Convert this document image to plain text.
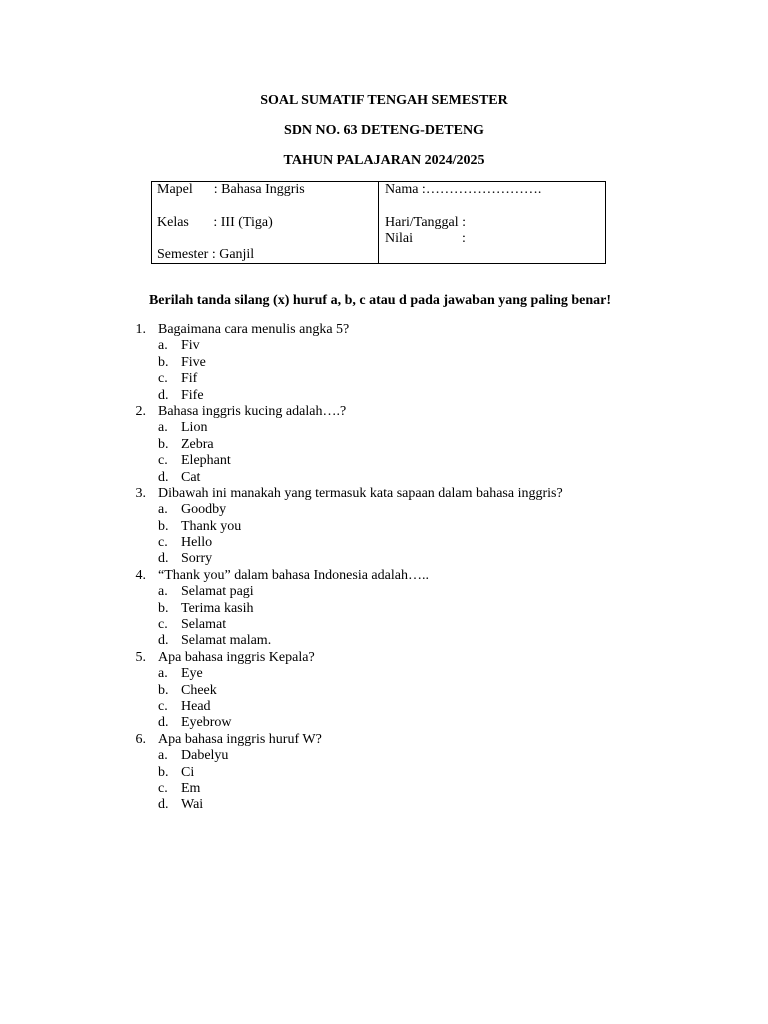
SOAL SUMATIF TENGAH SEMESTER
SDN NO. 63 DETENG-DETENG
TAHUN PALAJARAN 2024/2025
Mapel      : Bahasa Inggris
Kelas       : III (Tiga)
Semester : Ganjil
Nama :…………………….
Hari/Tanggal :
Nilai              :
Berilah tanda silang (x) huruf a, b, c atau d pada jawaban yang paling benar!
1. Bagaimana cara menulis angka 5?
a. Fiv
b. Five
c. Fif
d. Fife
2. Bahasa inggris kucing adalah….?
a. Lion
b. Zebra
c. Elephant
d. Cat
3. Dibawah ini manakah yang termasuk kata sapaan dalam bahasa inggris?
a. Goodby
b. Thank you
c. Hello
d. Sorry
4. “Thank you” dalam bahasa Indonesia adalah…..
a. Selamat pagi
b. Terima kasih
c. Selamat
d. Selamat malam.
5. Apa bahasa inggris Kepala?
a. Eye
b. Cheek
c. Head
d. Eyebrow
6. Apa bahasa inggris huruf W?
a. Dabelyu
b. Ci
c. Em
d. Wai
